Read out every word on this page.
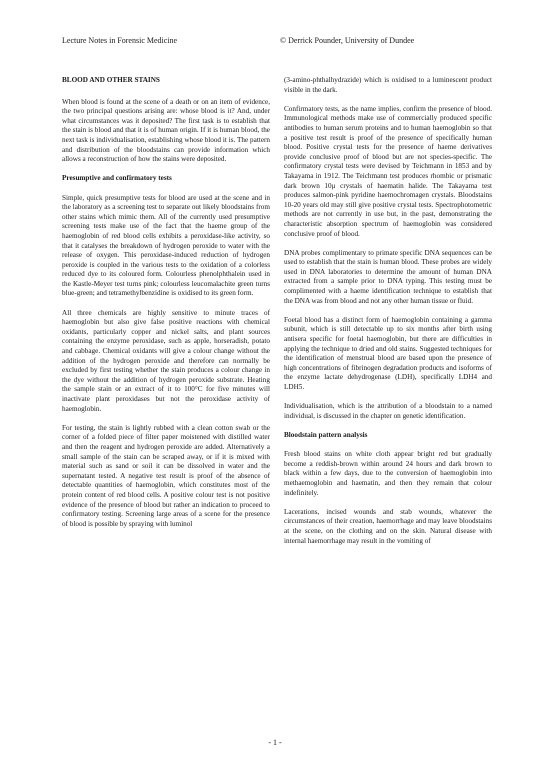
Lecture Notes in Forensic Medicine	© Derrick Pounder, University of Dundee
BLOOD AND OTHER STAINS

When blood is found at the scene of a death or on an item of evidence, the two principal questions arising are: whose blood is it? And, under what circumstances was it deposited? The first task is to establish that the stain is blood and that it is of human origin. If it is human blood, the next task is individualisation, establishing whose blood it is. The pattern and distribution of the bloodstains can provide information which allows a reconstruction of how the stains were deposited.

Presumptive and confirmatory tests

Simple, quick presumptive tests for blood are used at the scene and in the laboratory as a screening test to separate out likely bloodstains from other stains which mimic them. All of the currently used presumptive screening tests make use of the fact that the haeme group of the haemoglobin of red blood cells exhibits a peroxidase-like activity, so that it catalyses the breakdown of hydrogen peroxide to water with the release of oxygen. This peroxidase-induced reduction of hydrogen peroxide is coupled in the various tests to the oxidation of a colorless reduced dye to its coloured form. Colourless phenolphthalein used in the Kastle-Meyer test turns pink; colourless leucomalachite green turns blue-green; and tetramethylbenzidine is oxidised to its green form.

All three chemicals are highly sensitive to minute traces of haemoglobin but also give false positive reactions with chemical oxidants, particularly copper and nickel salts, and plant sources containing the enzyme peroxidase, such as apple, horseradish, potato and cabbage. Chemical oxidants will give a colour change without the addition of the hydrogen peroxide and therefore can normally be excluded by first testing whether the stain produces a colour change in the dye without the addition of hydrogen peroxide substrate. Heating the sample stain or an extract of it to 100°C for five minutes will inactivate plant peroxidases but not the peroxidase activity of haemoglobin.

For testing, the stain is lightly rubbed with a clean cotton swab or the corner of a folded piece of filter paper moistened with distilled water and then the reagent and hydrogen peroxide are added. Alternatively a small sample of the stain can be scraped away, or if it is mixed with material such as sand or soil it can be dissolved in water and the supernatant tested. A negative test result is proof of the absence of detectable quantities of haemoglobin, which constitutes most of the protein content of red blood cells. A positive colour test is not positive evidence of the presence of blood but rather an indication to proceed to confirmatory testing. Screening large areas of a scene for the presence of blood is possible by spraying with luminol

(3-amino-phthalhydrazide) which is oxidised to a luminescent product visible in the dark.

Confirmatory tests, as the name implies, confirm the presence of blood. Immunological methods make use of commercially produced specific antibodies to human serum proteins and to human haemoglobin so that a positive test result is proof of the presence of specifically human blood. Positive crystal tests for the presence of haeme derivatives provide conclusive proof of blood but are not species-specific. The confirmatory crystal tests were devised by Teichmann in 1853 and by Takayama in 1912. The Teichmann test produces rhombic or prismatic dark brown 10μ crystals of haematin halide. The Takayama test produces salmon-pink pyridine haemochromagen crystals. Bloodstains 10-20 years old may still give positive crystal tests. Spectrophotometric methods are not currently in use but, in the past, demonstrating the characteristic absorption spectrum of haemoglobin was considered conclusive proof of blood.

DNA probes complimentary to primate specific DNA sequences can be used to establish that the stain is human blood. These probes are widely used in DNA laboratories to determine the amount of human DNA extracted from a sample prior to DNA typing. This testing must be complimented with a haeme identification technique to establish that the DNA was from blood and not any other human tissue or fluid.

Foetal blood has a distinct form of haemoglobin containing a gamma subunit, which is still detectable up to six months after birth using antisera specific for foetal haemoglobin, but there are difficulties in applying the technique to dried and old stains. Suggested techniques for the identification of menstrual blood are based upon the presence of high concentrations of fibrinogen degradation products and isoforms of the enzyme lactate dehydrogenase (LDH), specifically LDH4 and LDH5.

Individualisation, which is the attribution of a bloodstain to a named individual, is discussed in the chapter on genetic identification.

Bloodstain pattern analysis

Fresh blood stains on white cloth appear bright red but gradually become a reddish-brown within around 24 hours and dark brown to black within a few days, due to the conversion of haemoglobin into methaemoglobin and haematin, and then they remain that colour indefinitely.

Lacerations, incised wounds and stab wounds, whatever the circumstances of their creation, haemorrhage and may leave bloodstains at the scene, on the clothing and on the skin. Natural disease with internal haemorrhage may result in the vomiting of

- 1 -
